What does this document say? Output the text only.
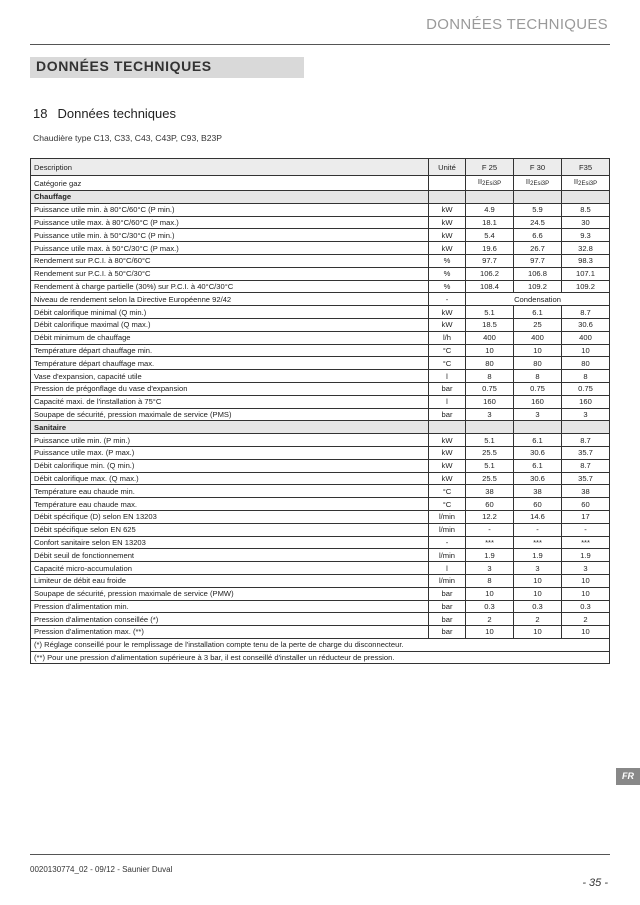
DONNÉES TECHNIQUES
DONNÉES TECHNIQUES
18 Données techniques
Chaudière type C13, C33, C43, C43P, C93, B23P
Description	Unité	F 25	F 30	F35
Catégorie gaz		II2Esi3P	II2Esi3P	II2Esi3P
Chauffage				
Puissance utile min. à 80°C/60°C (P min.)	kW	4.9	5.9	8.5
Puissance utile max. à 80°C/60°C (P max.)	kW	18.1	24.5	30
Puissance utile min. à 50°C/30°C (P min.)	kW	5.4	6.6	9.3
Puissance utile max. à 50°C/30°C (P max.)	kW	19.6	26.7	32.8
Rendement sur P.C.I. à 80°C/60°C	%	97.7	97.7	98.3
Rendement sur P.C.I. à 50°C/30°C	%	106.2	106.8	107.1
Rendement à charge partielle (30%) sur P.C.I. à 40°C/30°C	%	108.4	109.2	109.2
Niveau de rendement selon la Directive Européenne 92/42	-	Condensation		
Débit calorifique minimal (Q min.)	kW	5.1	6.1	8.7
Débit calorifique maximal (Q max.)	kW	18.5	25	30.6
Débit minimum de chauffage	l/h	400	400	400
Température départ chauffage min.	°C	10	10	10
Température départ chauffage max.	°C	80	80	80
Vase d'expansion, capacité utile	l	8	8	8
Pression de prégonflage du vase d'expansion	bar	0.75	0.75	0.75
Capacité maxi. de l'installation à 75°C	l	160	160	160
Soupape de sécurité, pression maximale de service (PMS)	bar	3	3	3
Sanitaire				
Puissance utile min. (P min.)	kW	5.1	6.1	8.7
Puissance utile max. (P max.)	kW	25.5	30.6	35.7
Débit calorifique min. (Q min.)	kW	5.1	6.1	8.7
Débit calorifique max. (Q max.)	kW	25.5	30.6	35.7
Température eau chaude min.	°C	38	38	38
Température eau chaude max.	°C	60	60	60
Débit spécifique (D) selon EN 13203	l/min	12.2	14.6	17
Débit spécifique selon EN 625	l/min	-	-	-
Confort sanitaire selon EN 13203	-	***	***	***
Débit seuil de fonctionnement	l/min	1.9	1.9	1.9
Capacité micro-accumulation	l	3	3	3
Limiteur de débit eau froide	l/min	8	10	10
Soupape de sécurité, pression maximale de service (PMW)	bar	10	10	10
Pression d'alimentation min.	bar	0.3	0.3	0.3
Pression d'alimentation conseillée (*)	bar	2	2	2
Pression d'alimentation max. (**)	bar	10	10	10
(*) Réglage conseillé pour le remplissage de l'installation compte tenu de la perte de charge du disconnecteur.				
(**) Pour une pression d'alimentation supérieure à 3 bar, il est conseillé d'installer un réducteur de pression.				
FR
0020130774_02 - 09/12 - Saunier Duval
- 35 -
